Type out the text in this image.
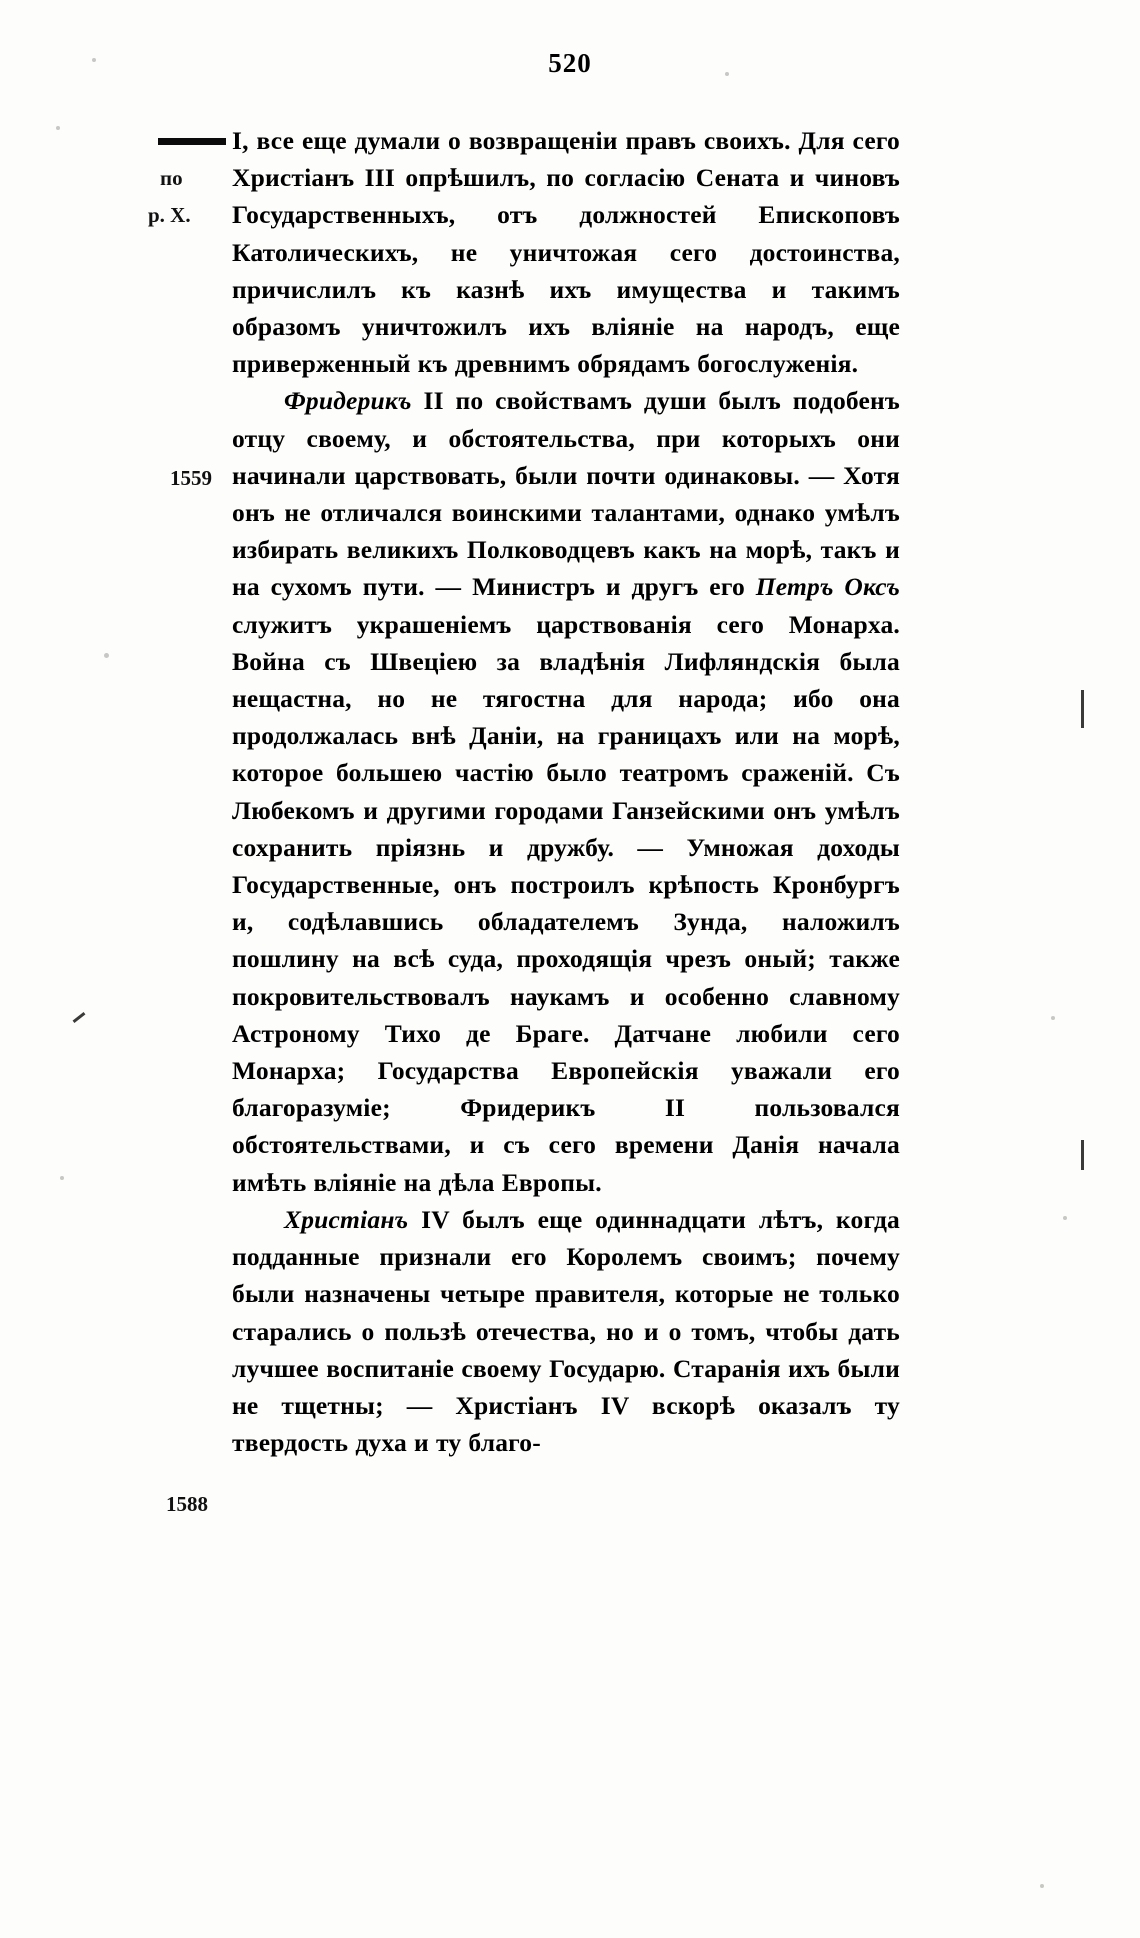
520
по
р. Х.
1559
1588

I, все еще думали о возвращенiи правъ своихъ. Для сего Христiанъ III опрѣшилъ, по согласiю Сената и чиновъ Государственныхъ, отъ должностей Епископовъ Католическихъ, не уничтожая сего достоинства, причислилъ къ казнѣ ихъ имущества и такимъ образомъ уничтожилъ ихъ влiянiе на народъ, еще приверженный къ древнимъ обрядамъ богослуженiя.

Фридерикъ II по свойствамъ души былъ подобенъ отцу своему, и обстоятельства, при которыхъ они начинали царствовать, были почти одинаковы. — Хотя онъ не отличался воинскими талантами, однако умѣлъ избирать великихъ Полководцевъ какъ на морѣ, такъ и на сухомъ пути. — Министръ и другъ его Петръ Оксъ служитъ украшенiемъ царствованiя сего Монарха. Война съ Швецiею за владѣнiя Лифляндскiя была нещастна, но не тягостна для народа; ибо она продолжалась внѣ Данiи, на границахъ или на морѣ, которое большею частiю было театромъ сраженiй. Съ Любекомъ и другими городами Ганзейскими онъ умѣлъ сохранить прiязнь и дружбу. — Умножая доходы Государственные, онъ построилъ крѣпость Кронбургъ и, содѣлавшись обладателемъ Зунда, наложилъ пошлину на всѣ суда, проходящiя чрезъ оный; также покровительствовалъ наукамъ и особенно славному Астроному Тихо де Браге. Датчане любили сего Монарха; Государства Европейскiя уважали его благоразумiе; Фридерикъ II пользовался обстоятельствами, и съ сего времени Данiя начала имѣть влiянiе на дѣла Европы.

Христiанъ IV былъ еще одиннадцати лѣтъ, когда подданные признали его Королемъ своимъ; почему были назначены четыре правителя, которые не только старались о пользѣ отечества, но и о томъ, чтобы дать лучшее воспитанiе своему Государю. Старанiя ихъ были не тщетны; — Христiанъ IV вскорѣ оказалъ ту твердость духа и ту благо-
